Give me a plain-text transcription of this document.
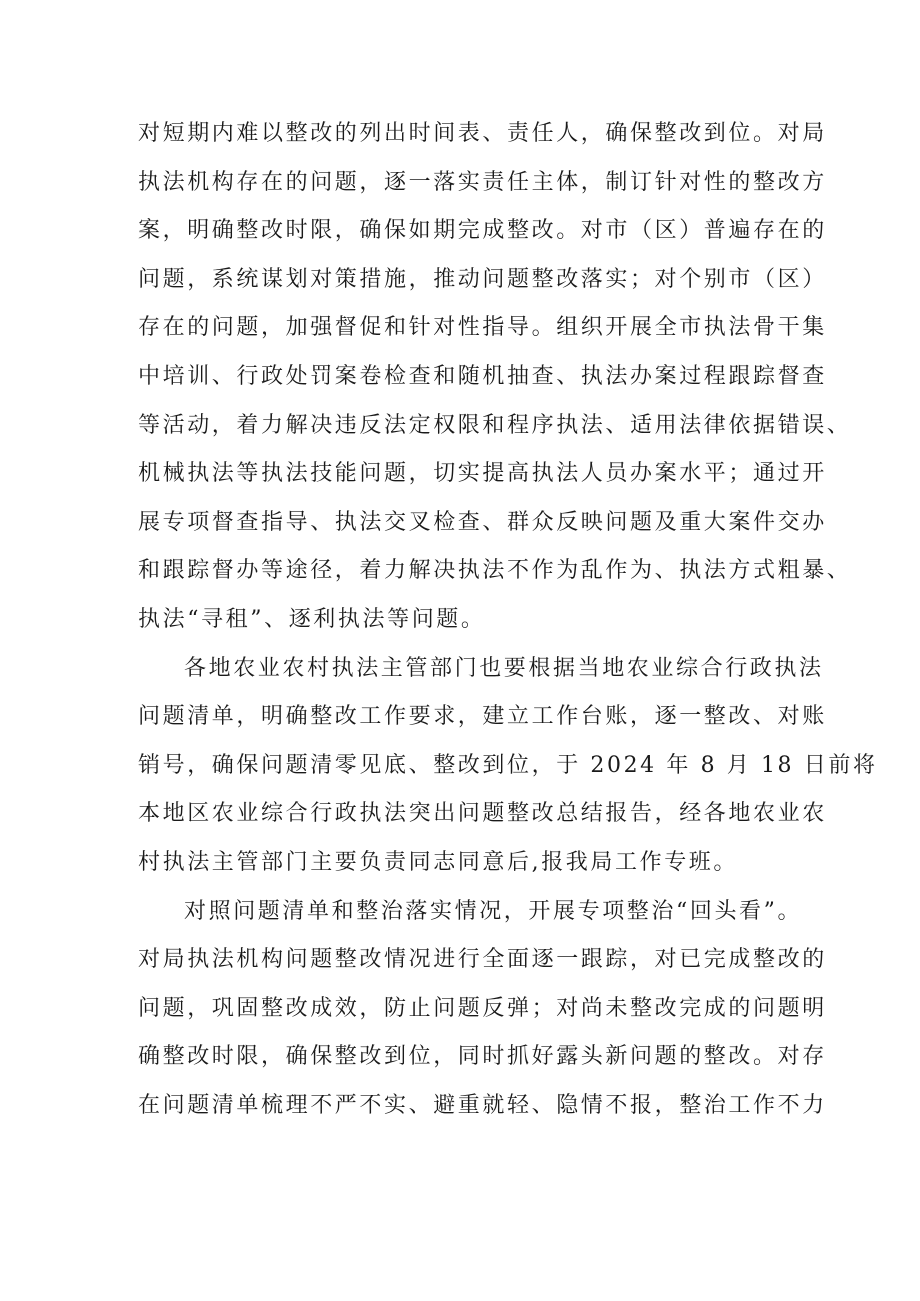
对短期内难以整改的列出时间表、责任人，确保整改到位。对局
执法机构存在的问题，逐一落实责任主体，制订针对性的整改方
案，明确整改时限，确保如期完成整改。对市（区）普遍存在的
问题，系统谋划对策措施，推动问题整改落实；对个别市（区）
存在的问题，加强督促和针对性指导。组织开展全市执法骨干集
中培训、行政处罚案卷检查和随机抽查、执法办案过程跟踪督查
等活动，着力解决违反法定权限和程序执法、适用法律依据错误、
机械执法等执法技能问题，切实提高执法人员办案水平；通过开
展专项督查指导、执法交叉检查、群众反映问题及重大案件交办
和跟踪督办等途径，着力解决执法不作为乱作为、执法方式粗暴、
执法“寻租”、逐利执法等问题。
各地农业农村执法主管部门也要根据当地农业综合行政执法
问题清单，明确整改工作要求，建立工作台账，逐一整改、对账
销号，确保问题清零见底、整改到位，于 2024 年 8 月 18 日前将
本地区农业综合行政执法突出问题整改总结报告，经各地农业农
村执法主管部门主要负责同志同意后,报我局工作专班。
对照问题清单和整治落实情况，开展专项整治“回头看”。
对局执法机构问题整改情况进行全面逐一跟踪，对已完成整改的
问题，巩固整改成效，防止问题反弹；对尚未整改完成的问题明
确整改时限，确保整改到位，同时抓好露头新问题的整改。对存
在问题清单梳理不严不实、避重就轻、隐情不报，整治工作不力
